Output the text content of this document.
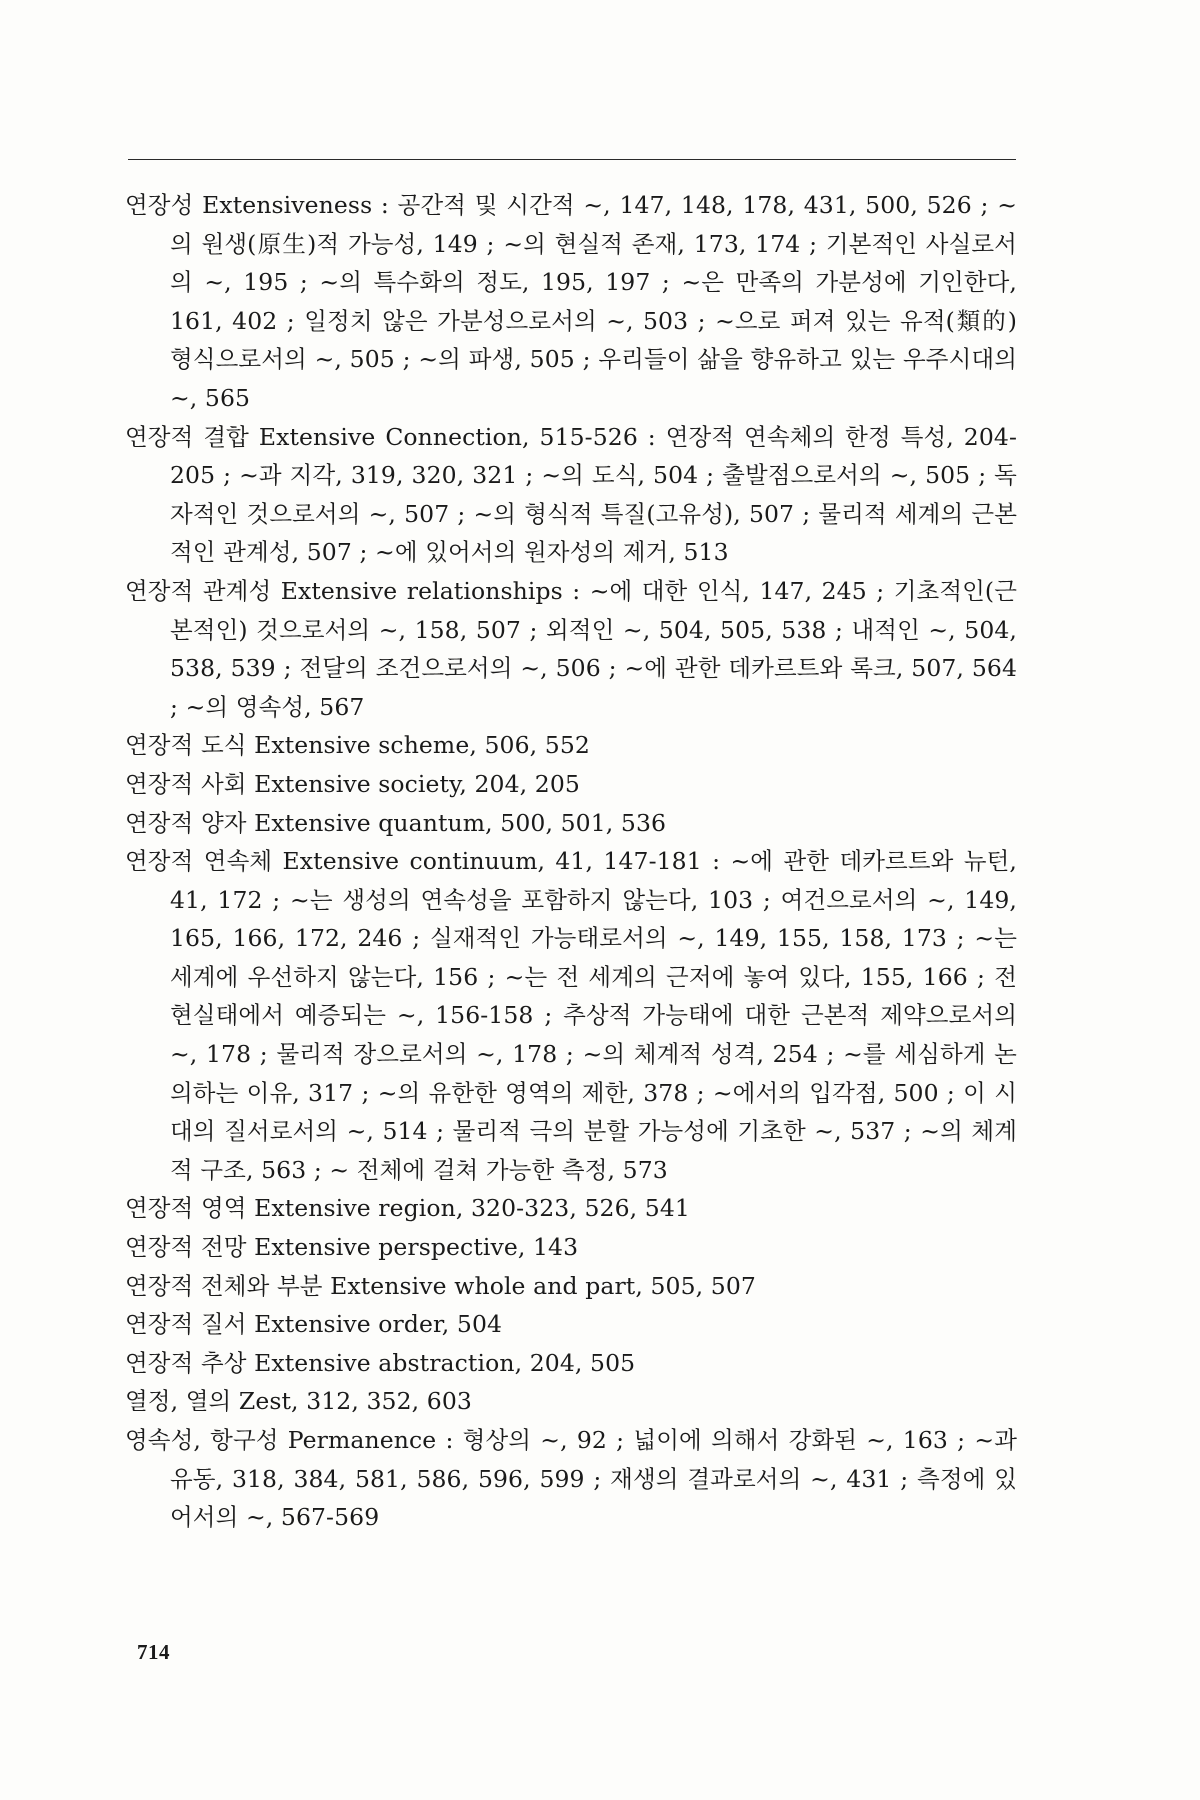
연장성 Extensiveness : 공간적 및 시간적 ~, 147, 148, 178, 431, 500, 526 ; ~의 원생(原生)적 가능성, 149 ; ~의 현실적 존재, 173, 174 ; 기본적인 사실로서의 ~, 195 ; ~의 특수화의 정도, 195, 197 ; ~은 만족의 가분성에 기인한다, 161, 402 ; 일정치 않은 가분성으로서의 ~, 503 ; ~으로 퍼져 있는 유적(類的) 형식으로서의 ~, 505 ; ~의 파생, 505 ; 우리들이 삶을 향유하고 있는 우주시대의 ~, 565
연장적 결합 Extensive Connection, 515-526 : 연장적 연속체의 한정 특성, 204-205 ; ~과 지각, 319, 320, 321 ; ~의 도식, 504 ; 출발점으로서의 ~, 505 ; 독자적인 것으로서의 ~, 507 ; ~의 형식적 특질(고유성), 507 ; 물리적 세계의 근본적인 관계성, 507 ; ~에 있어서의 원자성의 제거, 513
연장적 관계성 Extensive relationships : ~에 대한 인식, 147, 245 ; 기초적인(근본적인) 것으로서의 ~, 158, 507 ; 외적인 ~, 504, 505, 538 ; 내적인 ~, 504, 538, 539 ; 전달의 조건으로서의 ~, 506 ; ~에 관한 데카르트와 록크, 507, 564 ; ~의 영속성, 567
연장적 도식 Extensive scheme, 506, 552
연장적 사회 Extensive society, 204, 205
연장적 양자 Extensive quantum, 500, 501, 536
연장적 연속체 Extensive continuum, 41, 147-181 : ~에 관한 데카르트와 뉴턴, 41, 172 ; ~는 생성의 연속성을 포함하지 않는다, 103 ; 여건으로서의 ~, 149, 165, 166, 172, 246 ; 실재적인 가능태로서의 ~, 149, 155, 158, 173 ; ~는 세계에 우선하지 않는다, 156 ; ~는 전 세계의 근저에 놓여 있다, 155, 166 ; 전 현실태에서 예증되는 ~, 156-158 ; 추상적 가능태에 대한 근본적 제약으로서의 ~, 178 ; 물리적 장으로서의 ~, 178 ; ~의 체계적 성격, 254 ; ~를 세심하게 논의하는 이유, 317 ; ~의 유한한 영역의 제한, 378 ; ~에서의 입각점, 500 ; 이 시대의 질서로서의 ~, 514 ; 물리적 극의 분할 가능성에 기초한 ~, 537 ; ~의 체계적 구조, 563 ; ~ 전체에 걸쳐 가능한 측정, 573
연장적 영역 Extensive region, 320-323, 526, 541
연장적 전망 Extensive perspective, 143
연장적 전체와 부분 Extensive whole and part, 505, 507
연장적 질서 Extensive order, 504
연장적 추상 Extensive abstraction, 204, 505
열정, 열의 Zest, 312, 352, 603
영속성, 항구성 Permanence : 형상의 ~, 92 ; 넓이에 의해서 강화된 ~, 163 ; ~과 유동, 318, 384, 581, 586, 596, 599 ; 재생의 결과로서의 ~, 431 ; 측정에 있어서의 ~, 567-569
714
